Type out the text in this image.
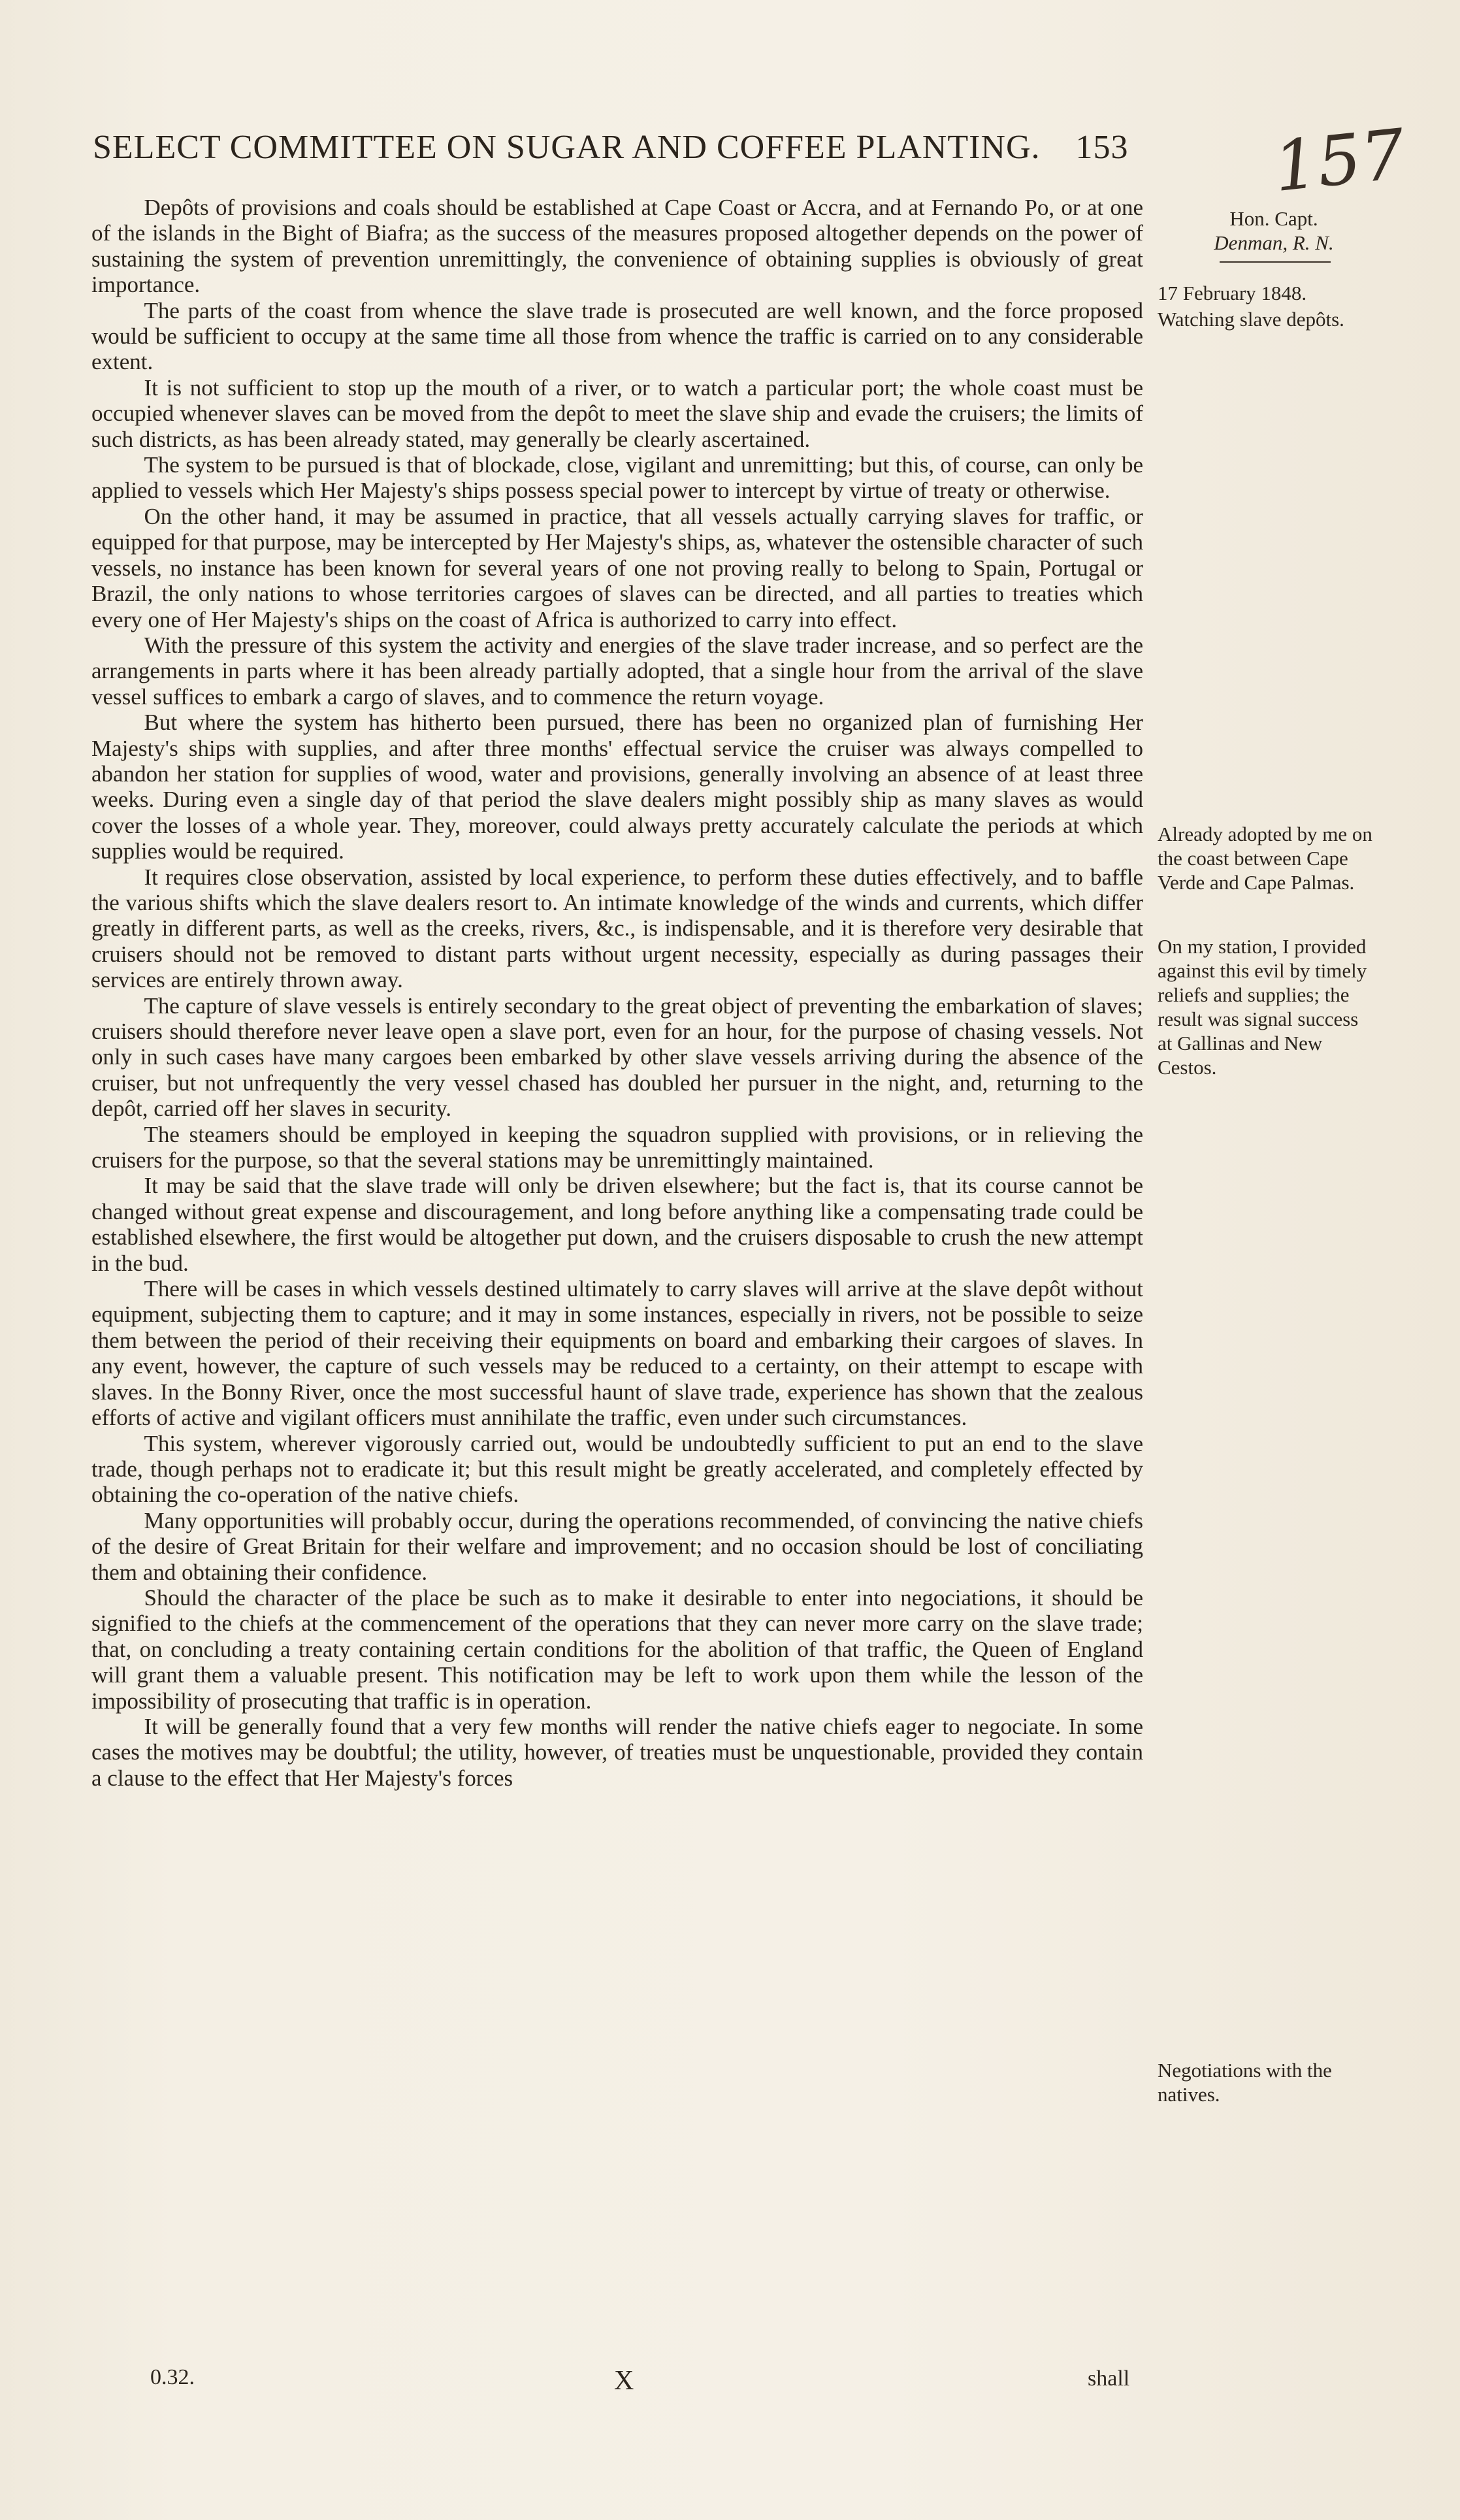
SELECT COMMITTEE ON SUGAR AND COFFEE PLANTING. 153	157
Hon. Capt.
Denman, R. N.
17 February 1848.
Watching slave depôts.
Already adopted by me on the coast between Cape Verde and Cape Palmas.
On my station, I provided against this evil by timely reliefs and supplies; the result was signal success at Gallinas and New Cestos.
Negotiations with the natives.

Depôts of provisions and coals should be established at Cape Coast or Accra, and at Fernando Po, or at one of the islands in the Bight of Biafra; as the success of the measures proposed altogether depends on the power of sustaining the system of prevention unremittingly, the convenience of obtaining supplies is obviously of great importance.

The parts of the coast from whence the slave trade is prosecuted are well known, and the force proposed would be sufficient to occupy at the same time all those from whence the traffic is carried on to any considerable extent.

It is not sufficient to stop up the mouth of a river, or to watch a particular port; the whole coast must be occupied whenever slaves can be moved from the depôt to meet the slave ship and evade the cruisers; the limits of such districts, as has been already stated, may generally be clearly ascertained.

The system to be pursued is that of blockade, close, vigilant and unremitting; but this, of course, can only be applied to vessels which Her Majesty's ships possess special power to intercept by virtue of treaty or otherwise.

On the other hand, it may be assumed in practice, that all vessels actually carrying slaves for traffic, or equipped for that purpose, may be intercepted by Her Majesty's ships, as, whatever the ostensible character of such vessels, no instance has been known for several years of one not proving really to belong to Spain, Portugal or Brazil, the only nations to whose territories cargoes of slaves can be directed, and all parties to treaties which every one of Her Majesty's ships on the coast of Africa is authorized to carry into effect.

With the pressure of this system the activity and energies of the slave trader increase, and so perfect are the arrangements in parts where it has been already partially adopted, that a single hour from the arrival of the slave vessel suffices to embark a cargo of slaves, and to commence the return voyage.

But where the system has hitherto been pursued, there has been no organized plan of furnishing Her Majesty's ships with supplies, and after three months' effectual service the cruiser was always compelled to abandon her station for supplies of wood, water and provisions, generally involving an absence of at least three weeks. During even a single day of that period the slave dealers might possibly ship as many slaves as would cover the losses of a whole year. They, moreover, could always pretty accurately calculate the periods at which supplies would be required.

It requires close observation, assisted by local experience, to perform these duties effectively, and to baffle the various shifts which the slave dealers resort to. An intimate knowledge of the winds and currents, which differ greatly in different parts, as well as the creeks, rivers, &c., is indispensable, and it is therefore very desirable that cruisers should not be removed to distant parts without urgent necessity, especially as during passages their services are entirely thrown away.

The capture of slave vessels is entirely secondary to the great object of preventing the embarkation of slaves; cruisers should therefore never leave open a slave port, even for an hour, for the purpose of chasing vessels. Not only in such cases have many cargoes been embarked by other slave vessels arriving during the absence of the cruiser, but not unfrequently the very vessel chased has doubled her pursuer in the night, and, returning to the depôt, carried off her slaves in security.

The steamers should be employed in keeping the squadron supplied with provisions, or in relieving the cruisers for the purpose, so that the several stations may be unremittingly maintained.

It may be said that the slave trade will only be driven elsewhere; but the fact is, that its course cannot be changed without great expense and discouragement, and long before anything like a compensating trade could be established elsewhere, the first would be altogether put down, and the cruisers disposable to crush the new attempt in the bud.

There will be cases in which vessels destined ultimately to carry slaves will arrive at the slave depôt without equipment, subjecting them to capture; and it may in some instances, especially in rivers, not be possible to seize them between the period of their receiving their equipments on board and embarking their cargoes of slaves. In any event, however, the capture of such vessels may be reduced to a certainty, on their attempt to escape with slaves. In the Bonny River, once the most successful haunt of slave trade, experience has shown that the zealous efforts of active and vigilant officers must annihilate the traffic, even under such circumstances.

This system, wherever vigorously carried out, would be undoubtedly sufficient to put an end to the slave trade, though perhaps not to eradicate it; but this result might be greatly accelerated, and completely effected by obtaining the co-operation of the native chiefs.

Many opportunities will probably occur, during the operations recommended, of convincing the native chiefs of the desire of Great Britain for their welfare and improvement; and no occasion should be lost of conciliating them and obtaining their confidence.

Should the character of the place be such as to make it desirable to enter into negociations, it should be signified to the chiefs at the commencement of the operations that they can never more carry on the slave trade; that, on concluding a treaty containing certain conditions for the abolition of that traffic, the Queen of England will grant them a valuable present. This notification may be left to work upon them while the lesson of the impossibility of prosecuting that traffic is in operation.

It will be generally found that a very few months will render the native chiefs eager to negociate. In some cases the motives may be doubtful; the utility, however, of treaties must be unquestionable, provided they contain a clause to the effect that Her Majesty's forces

0.32.	X	shall
